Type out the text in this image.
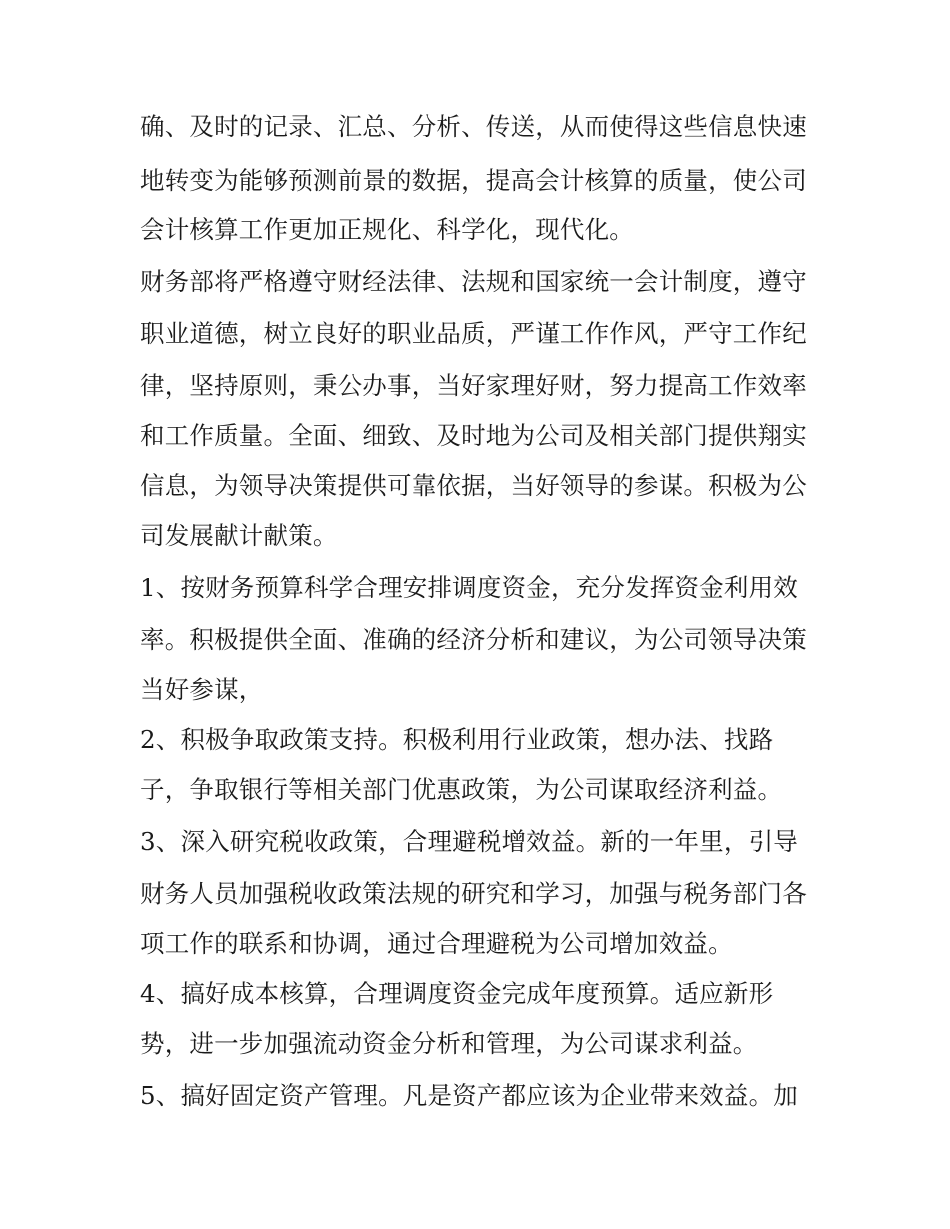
确、及时的记录、汇总、分析、传送，从而使得这些信息快速
地转变为能够预测前景的数据，提高会计核算的质量，使公司
会计核算工作更加正规化、科学化，现代化。
财务部将严格遵守财经法律、法规和国家统一会计制度，遵守
职业道德，树立良好的职业品质，严谨工作作风，严守工作纪
律，坚持原则，秉公办事，当好家理好财，努力提高工作效率
和工作质量。全面、细致、及时地为公司及相关部门提供翔实
信息，为领导决策提供可靠依据，当好领导的参谋。积极为公
司发展献计献策。
1、按财务预算科学合理安排调度资金，充分发挥资金利用效
率。积极提供全面、准确的经济分析和建议，为公司领导决策
当好参谋，
2、积极争取政策支持。积极利用行业政策，想办法、找路
子，争取银行等相关部门优惠政策，为公司谋取经济利益。
3、深入研究税收政策，合理避税增效益。新的一年里，引导
财务人员加强税收政策法规的研究和学习，加强与税务部门各
项工作的联系和协调，通过合理避税为公司增加效益。
4、搞好成本核算，合理调度资金完成年度预算。适应新形
势，进一步加强流动资金分析和管理，为公司谋求利益。
5、搞好固定资产管理。凡是资产都应该为企业带来效益。加
